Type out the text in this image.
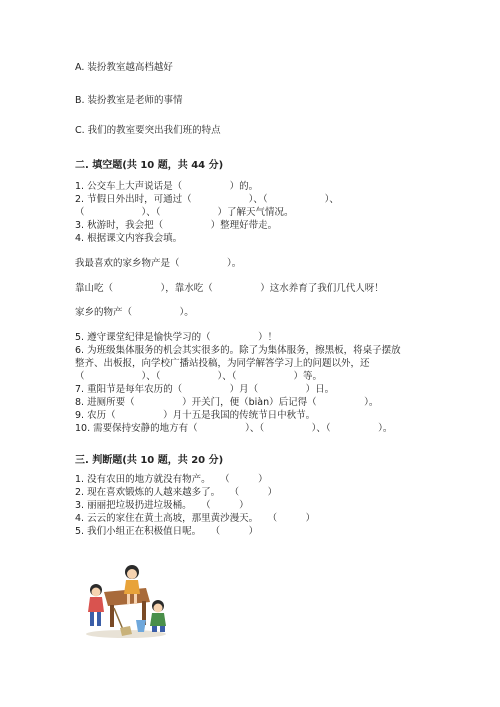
A. 装扮教室越高档越好
B. 装扮教室是老师的事情
C. 我们的教室要突出我们班的特点
二. 填空题(共 10 题，共 44 分)
1. 公交车上大声说话是（　　　　　）的。
2. 节假日外出时，可通过（　　　　　　）、（　　　　　　）、
（　　　　　　）、（　　　　　　）了解天气情况。
3. 秋游时，我会把（　　　　　）整理好带走。
4. 根据课文内容我会填。
我最喜欢的家乡物产是（　　　　　）。
靠山吃（　　　　　），靠水吃（　　　　　）这水养育了我们几代人呀！
家乡的物产（　　　　　）。
5. 遵守课堂纪律是愉快学习的（　　　　　）！
6. 为班级集体服务的机会其实很多的。除了为集体服务，擦黑板，将桌子摆放
整齐、出板报，向学校广播站投稿，为同学解答学习上的问题以外，还
（　　　　　　）、（　　　　　　）、（　　　　　　）等。
7. 重阳节是每年农历的（　　　　　）月（　　　　　）日。
8. 进厕所要（　　　　　）开关门，便（biàn）后记得（　　　　　）。
9. 农历（　　　　　）月十五是我国的传统节日中秋节。
10. 需要保持安静的地方有（　　　　　）、（　　　　　）、（　　　　　）。
三. 判断题(共 10 题，共 20 分)
1. 没有农田的地方就没有物产。　　（　　　）
2. 现在喜欢锻炼的人越来越多了。　　（　　　）
3. 丽丽把垃圾扔进垃圾桶。　　（　　　）
4. 云云的家住在黄土高坡，那里黄沙漫天。　　（　　　）
5. 我们小组正在积极值日呢。　　（　　　）
